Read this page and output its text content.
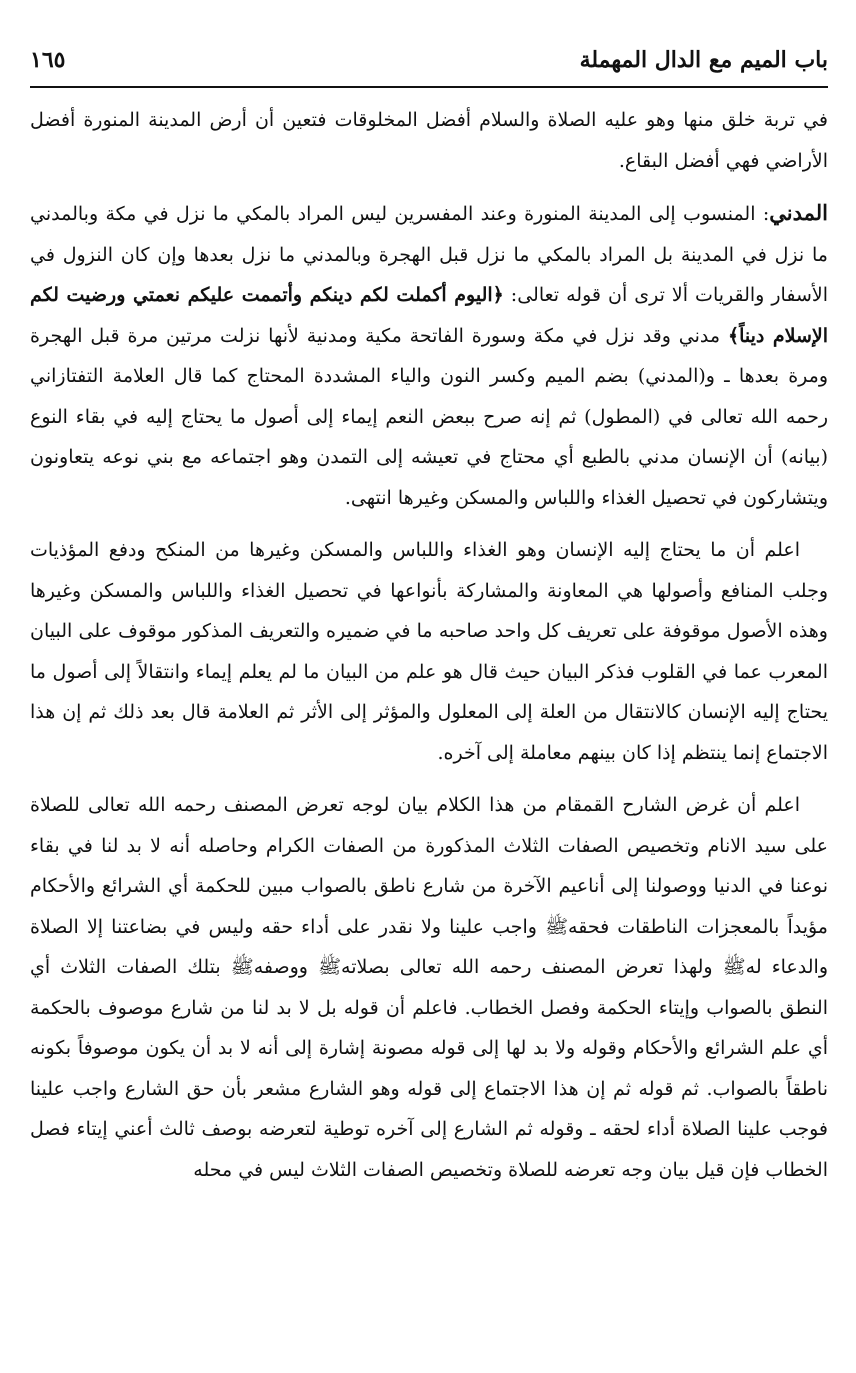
باب الميم مع الدال المهملة
١٦٥

في تربة خلق منها وهو عليه الصلاة والسلام أفضل المخلوقات فتعين أن أرض المدينة المنورة أفضل الأراضي فهي أفضل البقاع.

المدني: المنسوب إلى المدينة المنورة وعند المفسرين ليس المراد بالمكي ما نزل في مكة وبالمدني ما نزل في المدينة بل المراد بالمكي ما نزل قبل الهجرة وبالمدني ما نزل بعدها وإن كان النزول في الأسفار والقريات ألا ترى أن قوله تعالى: ﴿اليوم أكملت لكم دينكم وأتممت عليكم نعمتي ورضيت لكم الإسلام ديناً﴾ مدني وقد نزل في مكة وسورة الفاتحة مكية ومدنية لأنها نزلت مرتين مرة قبل الهجرة ومرة بعدها ـ و(المدني) بضم الميم وكسر النون والياء المشددة المحتاج كما قال العلامة التفتازاني رحمه الله تعالى في (المطول) ثم إنه صرح ببعض النعم إيماء إلى أصول ما يحتاج إليه في بقاء النوع (بيانه) أن الإنسان مدني بالطبع أي محتاج في تعيشه إلى التمدن وهو اجتماعه مع بني نوعه يتعاونون ويتشاركون في تحصيل الغذاء واللباس والمسكن وغيرها انتهى.

اعلم أن ما يحتاج إليه الإنسان وهو الغذاء واللباس والمسكن وغيرها من المنكح ودفع المؤذيات وجلب المنافع وأصولها هي المعاونة والمشاركة بأنواعها في تحصيل الغذاء واللباس والمسكن وغيرها وهذه الأصول موقوفة على تعريف كل واحد صاحبه ما في ضميره والتعريف المذكور موقوف على البيان المعرب عما في القلوب فذكر البيان حيث قال هو علم من البيان ما لم يعلم إيماء وانتقالاً إلى أصول ما يحتاج إليه الإنسان كالانتقال من العلة إلى المعلول والمؤثر إلى الأثر ثم العلامة قال بعد ذلك ثم إن هذا الاجتماع إنما ينتظم إذا كان بينهم معاملة إلى آخره.

اعلم أن غرض الشارح القمقام من هذا الكلام بيان لوجه تعرض المصنف رحمه الله تعالى للصلاة على سيد الانام وتخصيص الصفات الثلاث المذكورة من الصفات الكرام وحاصله أنه لا بد لنا في بقاء نوعنا في الدنيا ووصولنا إلى أناعيم الآخرة من شارع ناطق بالصواب مبين للحكمة أي الشرائع والأحكام مؤيداً بالمعجزات الناطقات فحقهﷺ واجب علينا ولا نقدر على أداء حقه وليس في بضاعتنا إلا الصلاة والدعاء لهﷺ ولهذا تعرض المصنف رحمه الله تعالى بصلاتهﷺ ووصفهﷺ بتلك الصفات الثلاث أي النطق بالصواب وإيتاء الحكمة وفصل الخطاب. فاعلم أن قوله بل لا بد لنا من شارع موصوف بالحكمة أي علم الشرائع والأحكام وقوله ولا بد لها إلى قوله مصونة إشارة إلى أنه لا بد أن يكون موصوفاً بكونه ناطقاً بالصواب. ثم قوله ثم إن هذا الاجتماع إلى قوله وهو الشارع مشعر بأن حق الشارع واجب علينا فوجب علينا الصلاة أداء لحقه ـ وقوله ثم الشارع إلى آخره توطية لتعرضه بوصف ثالث أعني إيتاء فصل الخطاب فإن قيل بيان وجه تعرضه للصلاة وتخصيص الصفات الثلاث ليس في محله
